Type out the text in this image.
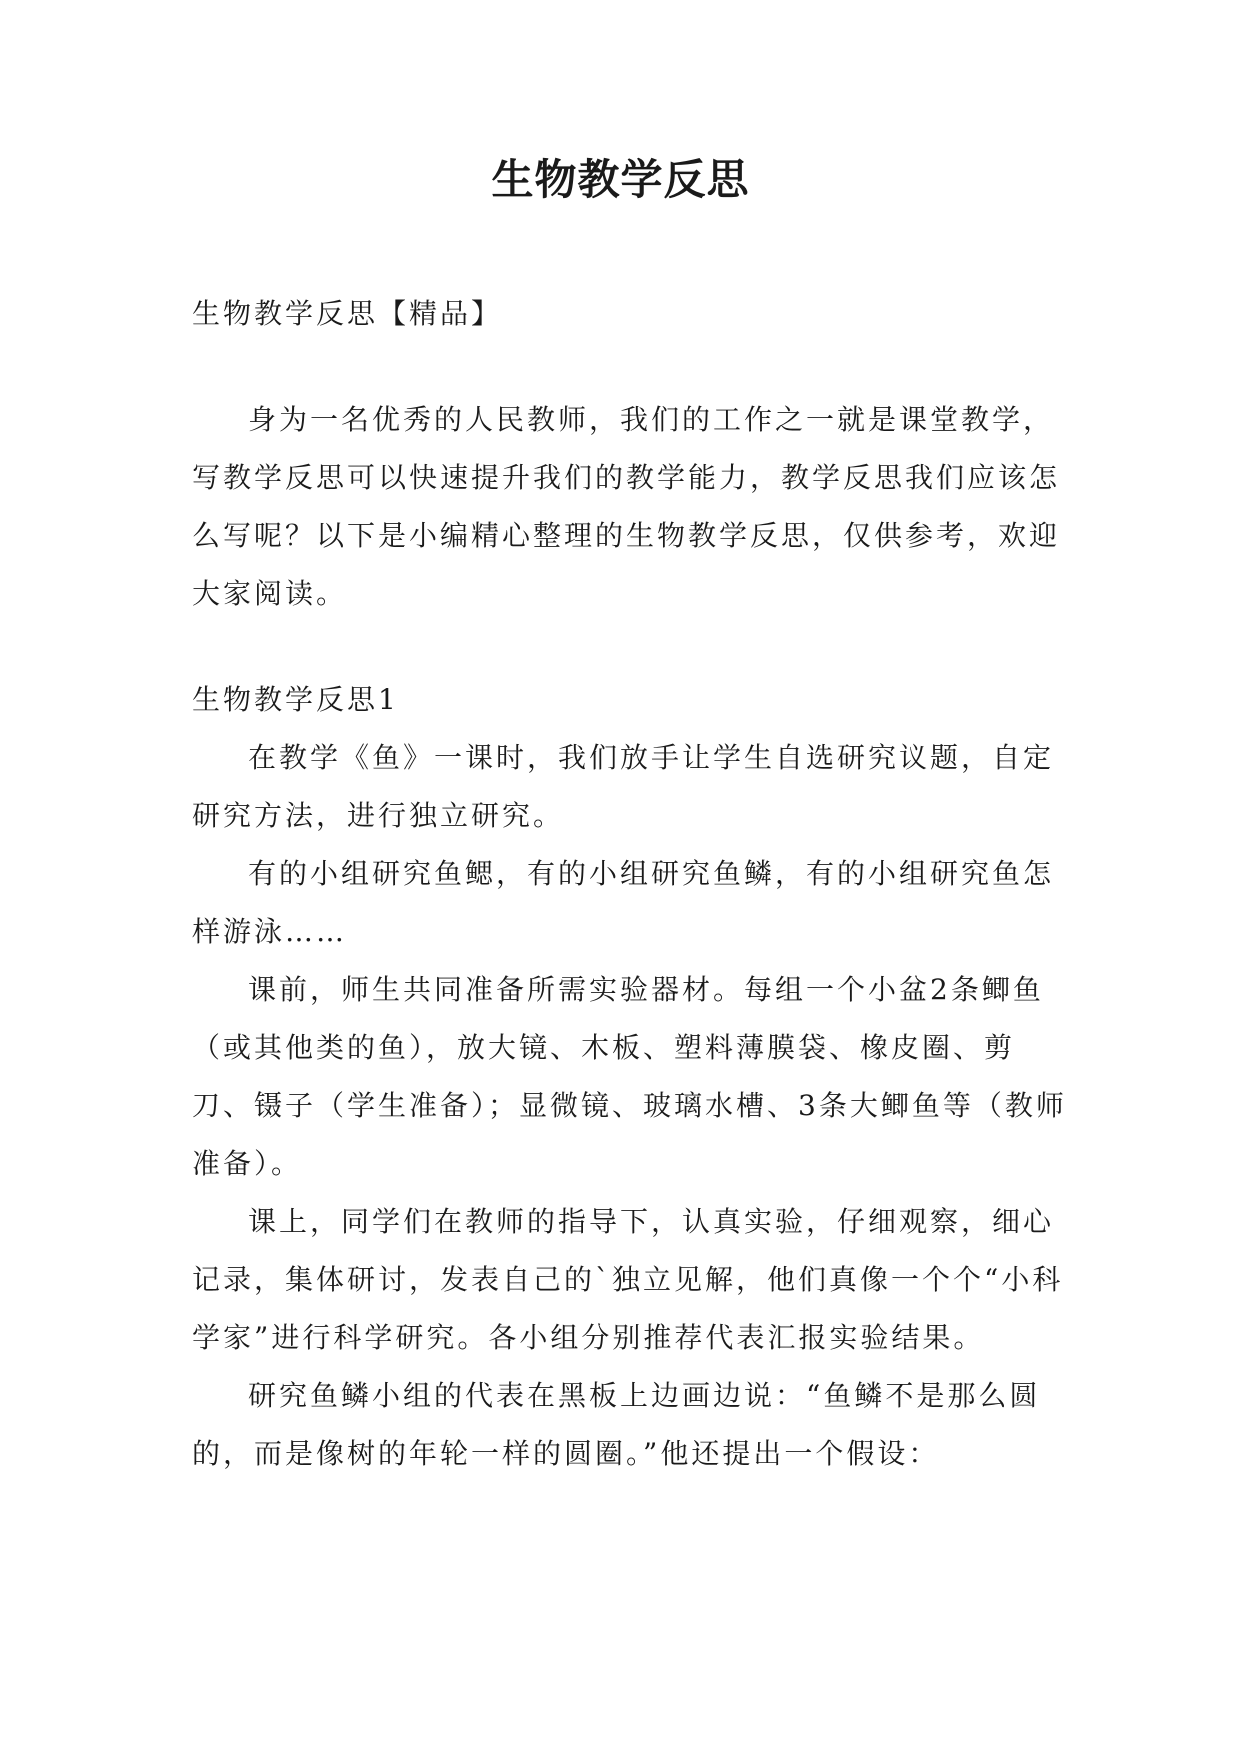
生物教学反思

生物教学反思【精品】

身为一名优秀的人民教师，我们的工作之一就是课堂教学，写教学反思可以快速提升我们的教学能力，教学反思我们应该怎么写呢？以下是小编精心整理的生物教学反思，仅供参考，欢迎大家阅读。

生物教学反思1

在教学《鱼》一课时，我们放手让学生自选研究议题，自定研究方法，进行独立研究。

有的小组研究鱼鳃，有的小组研究鱼鳞，有的小组研究鱼怎样游泳……

课前，师生共同准备所需实验器材。每组一个小盆2条鲫鱼（或其他类的鱼），放大镜、木板、塑料薄膜袋、橡皮圈、剪刀、镊子（学生准备）；显微镜、玻璃水槽、3条大鲫鱼等（教师准备）。

课上，同学们在教师的指导下，认真实验，仔细观察，细心记录，集体研讨，发表自己的`独立见解，他们真像一个个“小科学家”进行科学研究。各小组分别推荐代表汇报实验结果。

研究鱼鳞小组的代表在黑板上边画边说：“鱼鳞不是那么圆的，而是像树的年轮一样的圆圈。”他还提出一个假设：
